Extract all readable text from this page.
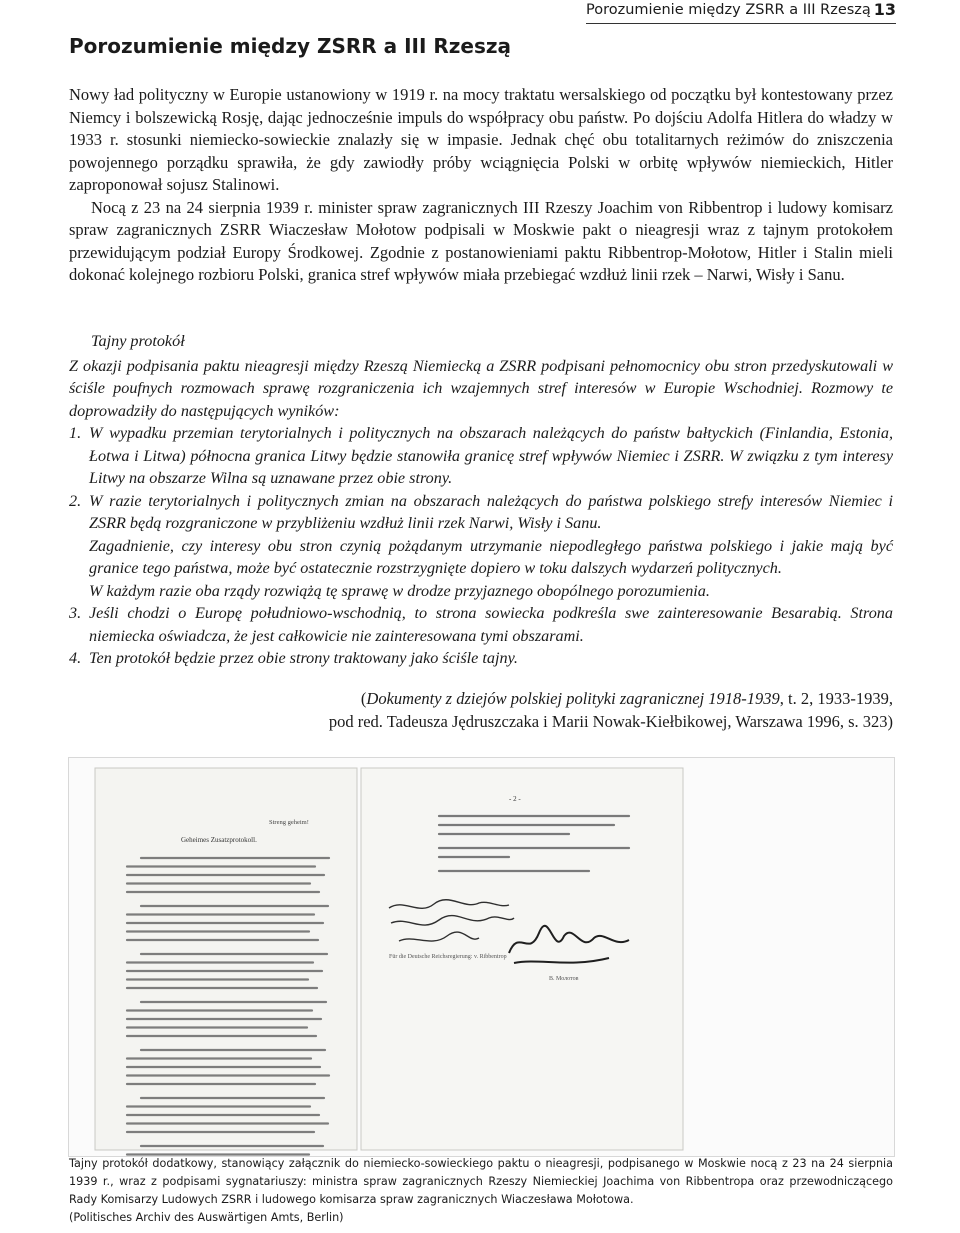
Porozumienie między ZSRR a III Rzeszą 13
Porozumienie między ZSRR a III Rzeszą

Nowy ład polityczny w Europie ustanowiony w 1919 r. na mocy traktatu wersalskiego od początku był kontestowany przez Niemcy i bolszewicką Rosję, dając jednocześnie impuls do współpracy obu państw. Po dojściu Adolfa Hitlera do władzy w 1933 r. stosunki niemiecko-sowieckie znalazły się w impasie. Jednak chęć obu totalitarnych reżimów do zniszczenia powojennego porządku sprawiła, że gdy zawiodły próby wciągnięcia Polski w orbitę wpływów niemieckich, Hitler zaproponował sojusz Stalinowi.

Nocą z 23 na 24 sierpnia 1939 r. minister spraw zagranicznych III Rzeszy Joachim von Ribbentrop i ludowy komisarz spraw zagranicznych ZSRR Wiaczesław Mołotow podpisali w Moskwie pakt o nieagresji wraz z tajnym protokołem przewidującym podział Europy Środkowej. Zgodnie z postanowieniami paktu Ribbentrop-Mołotow, Hitler i Stalin mieli dokonać kolejnego rozbioru Polski, granica stref wpływów miała przebiegać wzdłuż linii rzek – Narwi, Wisły i Sanu.

Tajny protokół

Z okazji podpisania paktu nieagresji między Rzeszą Niemiecką a ZSRR podpisani pełnomocnicy obu stron przedyskutowali w ściśle poufnych rozmowach sprawę rozgraniczenia ich wzajemnych stref interesów w Europie Wschodniej. Rozmowy te doprowadziły do następujących wyników:

1. W wypadku przemian terytorialnych i politycznych na obszarach należących do państw bałtyckich (Finlandia, Estonia, Łotwa i Litwa) północna granica Litwy będzie stanowiła granicę stref wpływów Niemiec i ZSRR. W związku z tym interesy Litwy na obszarze Wilna są uznawane przez obie strony.

2. W razie terytorialnych i politycznych zmian na obszarach należących do państwa polskiego strefy interesów Niemiec i ZSRR będą rozgraniczone w przybliżeniu wzdłuż linii rzek Narwi, Wisły i Sanu.

Zagadnienie, czy interesy obu stron czynią pożądanym utrzymanie niepodległego państwa polskiego i jakie mają być granice tego państwa, może być ostatecznie rozstrzygnięte dopiero w toku dalszych wydarzeń politycznych.

W każdym razie oba rządy rozwiążą tę sprawę w drodze przyjaznego obopólnego porozumienia.

3. Jeśli chodzi o Europę południowo-wschodnią, to strona sowiecka podkreśla swe zainteresowanie Besarabią. Strona niemiecka oświadcza, że jest całkowicie nie zainteresowana tymi obszarami.

4. Ten protokół będzie przez obie strony traktowany jako ściśle tajny.

(Dokumenty z dziejów polskiej polityki zagranicznej 1918-1939, t. 2, 1933-1939,

pod red. Tadeusza Jędruszczaka i Marii Nowak-Kiełbikowej, Warszawa 1996, s. 323)

Streng geheim!
Geheimes Zusatzprotokoll.
- 2 -
Für die Deutsche Reichsregierung: v. Ribbentrop
В. Молотов

Tajny protokół dodatkowy, stanowiący załącznik do niemiecko-sowieckiego paktu o nieagresji, podpisanego w Moskwie nocą z 23 na 24 sierpnia 1939 r., wraz z podpisami sygnatariuszy: ministra spraw zagranicznych Rzeszy Niemieckiej Joachima von Ribbentropa oraz przewodniczącego Rady Komisarzy Ludowych ZSRR i ludowego komisarza spraw zagranicznych Wiaczesława Mołotowa.

(Politisches Archiv des Auswärtigen Amts, Berlin)
